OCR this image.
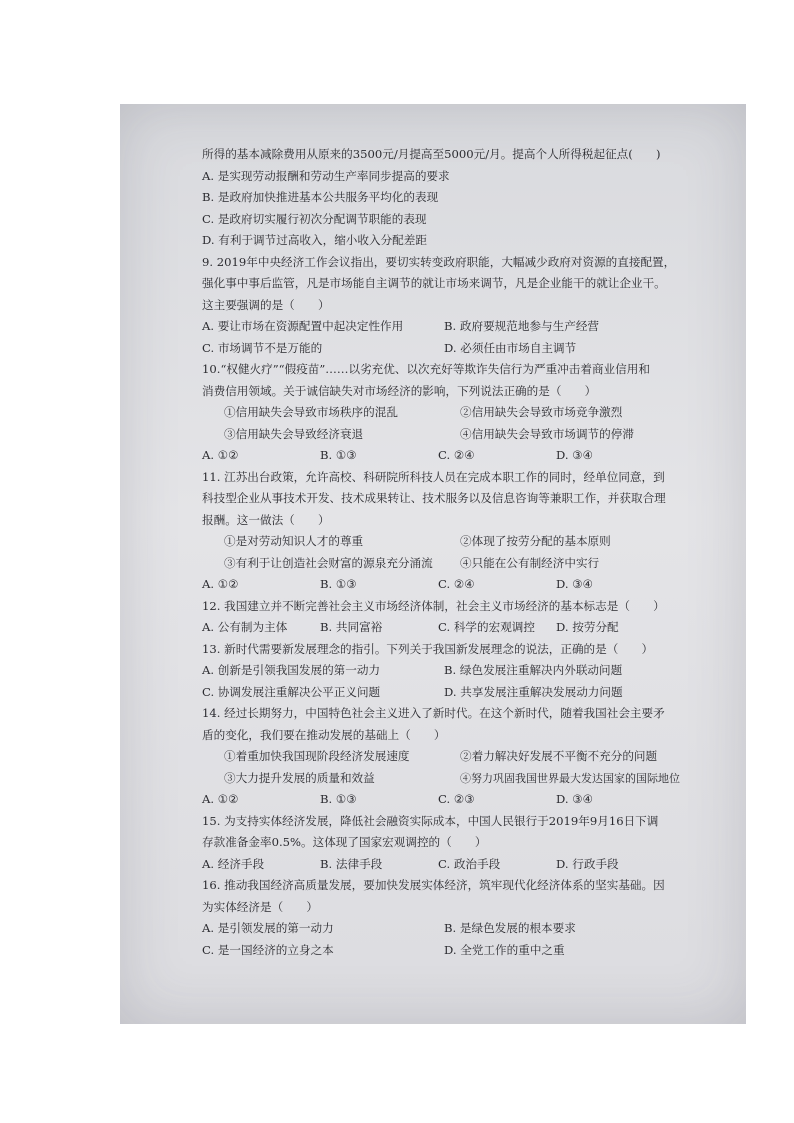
所得的基本减除费用从原来的3500元/月提高至5000元/月。提高个人所得税起征点(　　)
A. 是实现劳动报酬和劳动生产率同步提高的要求
B. 是政府加快推进基本公共服务平均化的表现
C. 是政府切实履行初次分配调节职能的表现
D. 有利于调节过高收入，缩小收入分配差距
9. 2019年中央经济工作会议指出，要切实转变政府职能，大幅减少政府对资源的直接配置，
强化事中事后监管，凡是市场能自主调节的就让市场来调节，凡是企业能干的就让企业干。
这主要强调的是（　　）
A. 要让市场在资源配置中起决定性作用	B. 政府要规范地参与生产经营
C. 市场调节不是万能的	D. 必须任由市场自主调节
10.“权健火疗”“假疫苗”……以劣充优、以次充好等欺诈失信行为严重冲击着商业信用和
消费信用领域。关于诚信缺失对市场经济的影响，下列说法正确的是（　　）
①信用缺失会导致市场秩序的混乱	②信用缺失会导致市场竞争激烈
③信用缺失会导致经济衰退	④信用缺失会导致市场调节的停滞
A. ①②	B. ①③	C. ②④	D. ③④
11. 江苏出台政策，允许高校、科研院所科技人员在完成本职工作的同时，经单位同意，到
科技型企业从事技术开发、技术成果转让、技术服务以及信息咨询等兼职工作，并获取合理
报酬。这一做法（　　）
①是对劳动知识人才的尊重	②体现了按劳分配的基本原则
③有利于让创造社会财富的源泉充分涌流	④只能在公有制经济中实行
A. ①②	B. ①③	C. ②④	D. ③④
12. 我国建立并不断完善社会主义市场经济体制，社会主义市场经济的基本标志是（　　）
A. 公有制为主体	B. 共同富裕	C. 科学的宏观调控	D. 按劳分配
13. 新时代需要新发展理念的指引。下列关于我国新发展理念的说法，正确的是（　　）
A. 创新是引领我国发展的第一动力	B. 绿色发展注重解决内外联动问题
C. 协调发展注重解决公平正义问题	D. 共享发展注重解决发展动力问题
14. 经过长期努力，中国特色社会主义进入了新时代。在这个新时代，随着我国社会主要矛
盾的变化，我们要在推动发展的基础上（　　）
①着重加快我国现阶段经济发展速度	②着力解决好发展不平衡不充分的问题
③大力提升发展的质量和效益	④努力巩固我国世界最大发达国家的国际地位
A. ①②	B. ①③	C. ②③	D. ③④
15. 为支持实体经济发展，降低社会融资实际成本，中国人民银行于2019年9月16日下调
存款准备金率0.5%。这体现了国家宏观调控的（　　）
A. 经济手段	B. 法律手段	C. 政治手段	D. 行政手段
16. 推动我国经济高质量发展，要加快发展实体经济，筑牢现代化经济体系的坚实基础。因
为实体经济是（　　）
A. 是引领发展的第一动力	B. 是绿色发展的根本要求
C. 是一国经济的立身之本	D. 全党工作的重中之重
